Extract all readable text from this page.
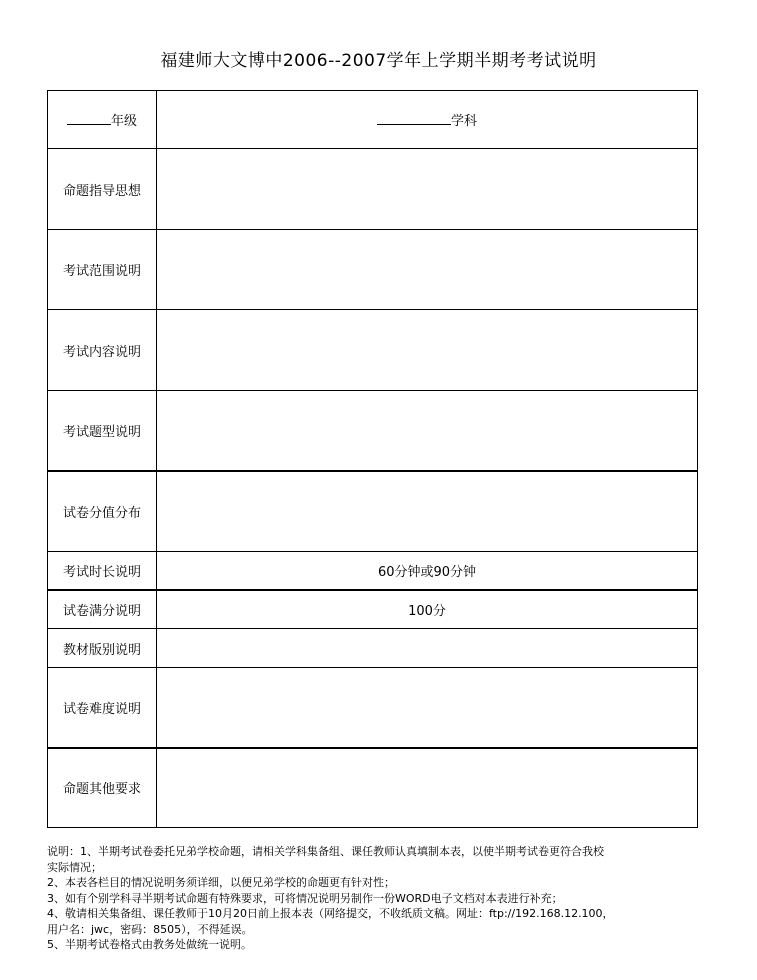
福建师大文博中2006--2007学年上学期半期考考试说明
年级	学科
命题指导思想	
考试范围说明	
考试内容说明	
考试题型说明	
试卷分值分布	
考试时长说明	60分钟或90分钟
试卷满分说明	100分
教材版别说明	
试卷难度说明	
命题其他要求	
说明：1、半期考试卷委托兄弟学校命题，请相关学科集备组、课任教师认真填制本表，以使半期考试卷更符合我校
实际情况；
2、本表各栏目的情况说明务须详细，以便兄弟学校的命题更有针对性；
3、如有个别学科寻半期考试命题有特殊要求，可将情况说明另制作一份WORD电子文档对本表进行补充；
4、敬请相关集备组、课任教师于10月20日前上报本表（网络提交，不收纸质文稿。网址：ftp://192.168.12.100，
用户名：jwc，密码：8505），不得延误。
5、半期考试卷格式由教务处做统一说明。
